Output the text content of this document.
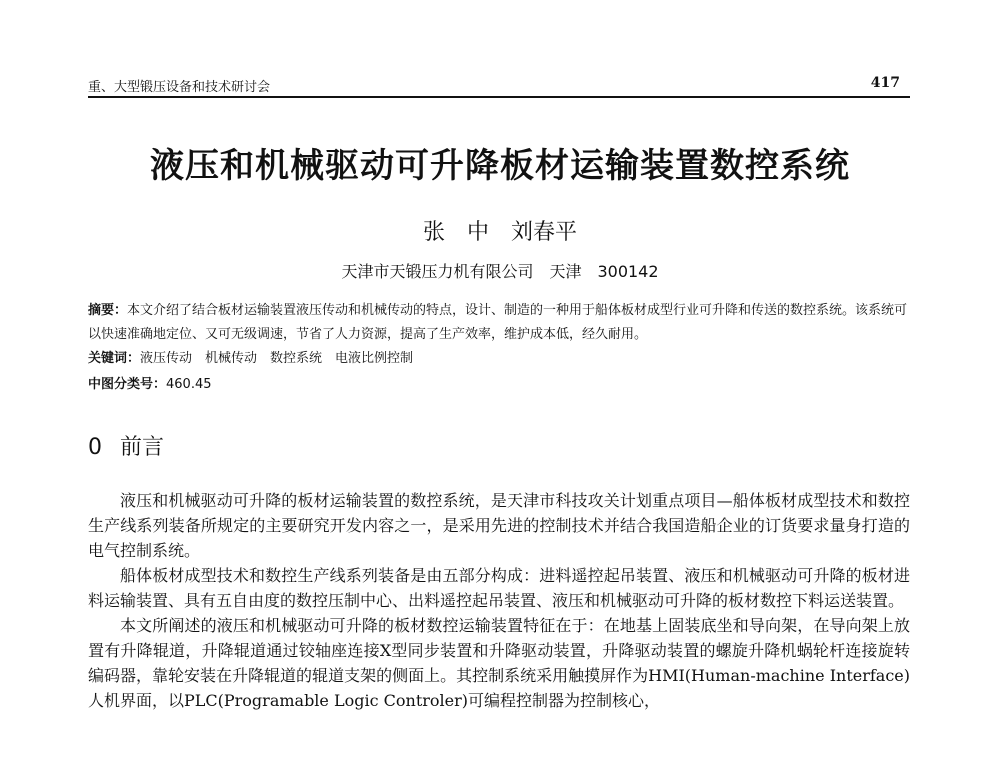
重、大型锻压设备和技术研讨会	417
液压和机械驱动可升降板材运输装置数控系统
张　中　刘春平
天津市天锻压力机有限公司　天津　300142
摘要：本文介绍了结合板材运输装置液压传动和机械传动的特点，设计、制造的一种用于船体板材成型行业可升降和传送的数控系统。该系统可以快速准确地定位、又可无级调速，节省了人力资源，提高了生产效率，维护成本低，经久耐用。
关键词：液压传动　机械传动　数控系统　电液比例控制
中图分类号：460.45
0 前言

液压和机械驱动可升降的板材运输装置的数控系统，是天津市科技攻关计划重点项目—船体板材成型技术和数控生产线系列装备所规定的主要研究开发内容之一，是采用先进的控制技术并结合我国造船企业的订货要求量身打造的电气控制系统。

船体板材成型技术和数控生产线系列装备是由五部分构成：进料遥控起吊装置、液压和机械驱动可升降的板材进料运输装置、具有五自由度的数控压制中心、出料遥控起吊装置、液压和机械驱动可升降的板材数控下料运送装置。

本文所阐述的液压和机械驱动可升降的板材数控运输装置特征在于：在地基上固装底坐和导向架，在导向架上放置有升降辊道，升降辊道通过铰轴座连接X型同步装置和升降驱动装置，升降驱动装置的螺旋升降机蜗轮杆连接旋转编码器，靠轮安装在升降辊道的辊道支架的侧面上。其控制系统采用触摸屏作为HMI(Human-machine Interface)人机界面，以PLC(Programable Logic Controler)可编程控制器为控制核心，
